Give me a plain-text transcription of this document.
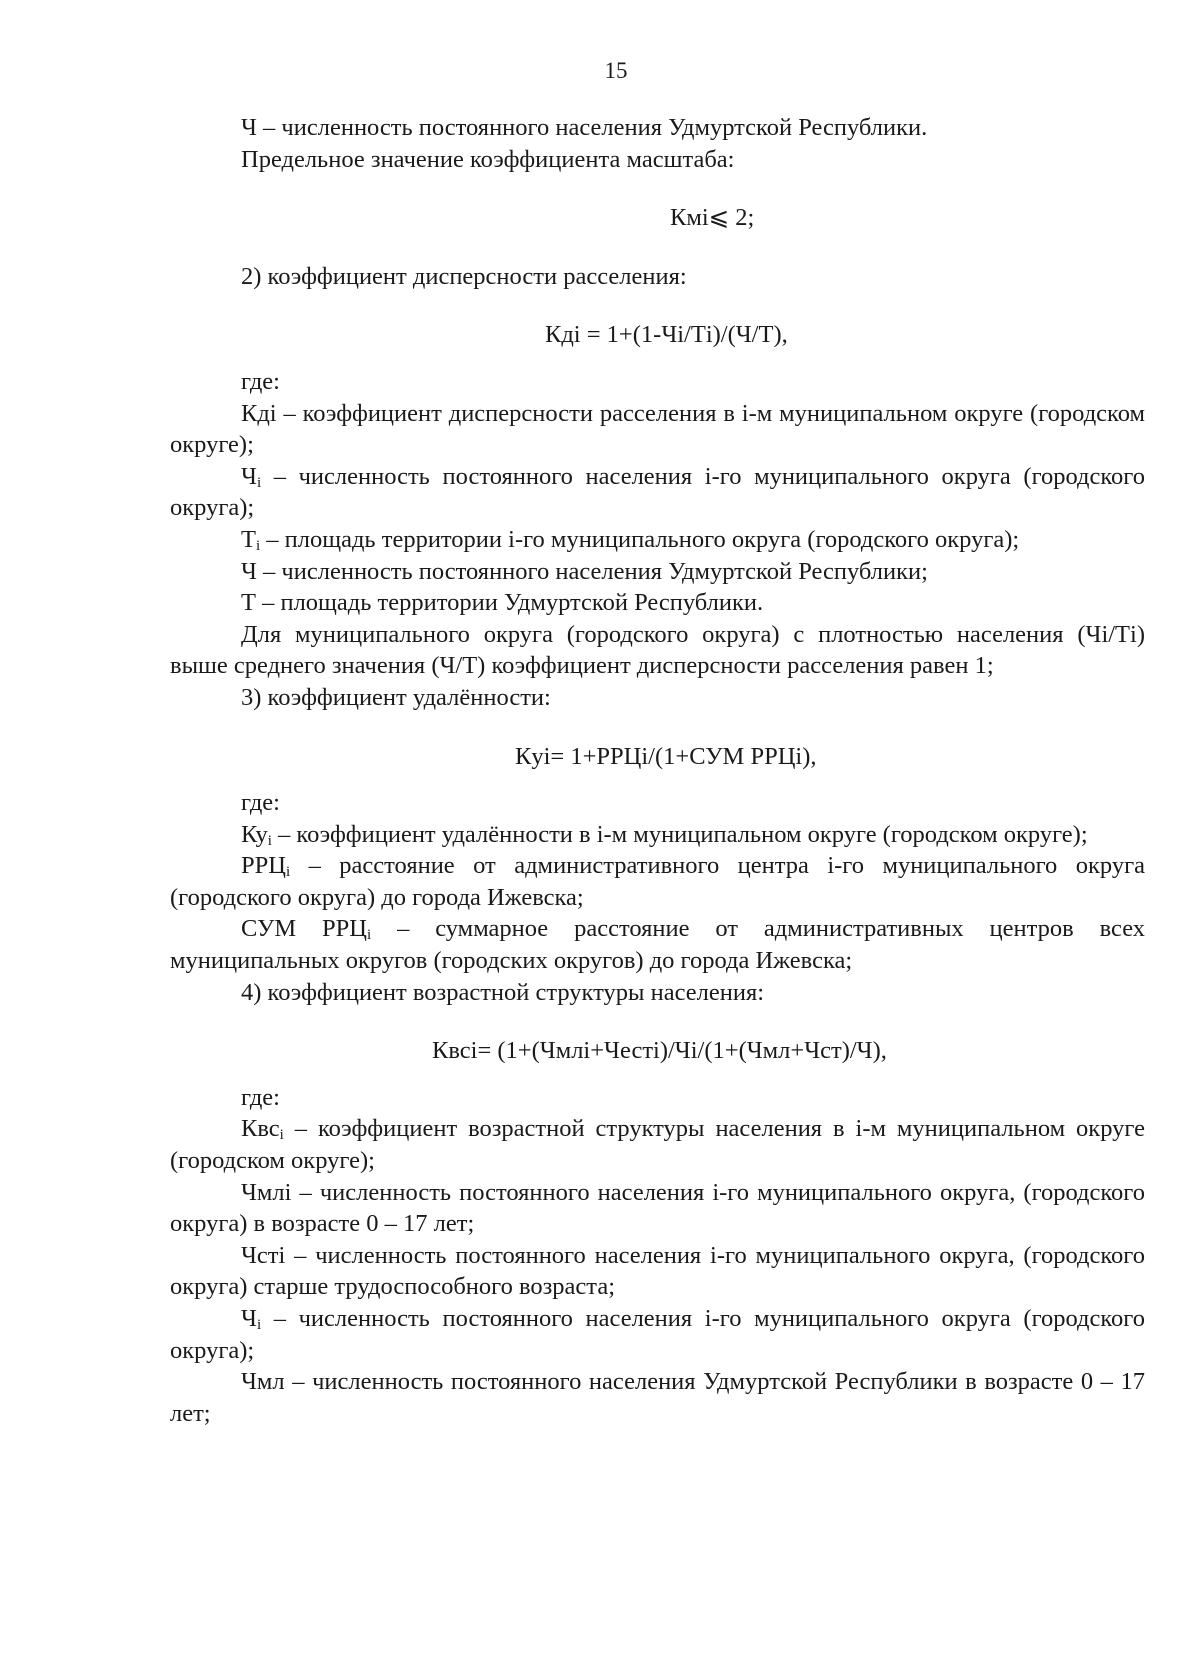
15

Ч – численность постоянного населения Удмуртской Республики.

Предельное значение коэффициента масштаба:

Кмі⩽ 2;

2) коэффициент дисперсности расселения:

Кді = 1+(1-Чі/Ті)/(Ч/Т),

где:

Кді – коэффициент дисперсности расселения в і-м муниципальном округе (городском округе);

$Ч_і$ – численность постоянного населения і-го муниципального округа (городского округа);

$Т_і$ – площадь территории і-го муниципального округа (городского округа);

Ч – численность постоянного населения Удмуртской Республики;

Т – площадь территории Удмуртской Республики.

Для муниципального округа (городского округа) с плотностью населения (Чі/Ті) выше среднего значения (Ч/Т) коэффициент дисперсности расселения равен 1;

3) коэффициент удалённости:

Кyі= 1+РРЦі/(1+СУМ РРЦі),

где:

$Ку_і$ – коэффициент удалённости в і-м муниципальном округе (городском округе);

$РРЦ_і$ – расстояние от административного центра і-го муниципального округа (городского округа) до города Ижевска;

СУМ $РРЦ_і$ – суммарное расстояние от административных центров всех муниципальных округов (городских округов) до города Ижевска;

4) коэффициент возрастной структуры населения:

Квсі= (1+(Чмлі+Честі)/Чі/(1+(Чмл+Чст)/Ч),

где:

Квс$_і$ – коэффициент возрастной структуры населения в і-м муниципальном округе (городском округе);

Чмлі – численность постоянного населения і-го муниципального округа, (городского округа) в возрасте 0 – 17 лет;

Чсті – численность постоянного населения і-го муниципального округа, (городского округа) старше трудоспособного возраста;

$Ч_і$ – численность постоянного населения і-го муниципального округа (городского округа);

Чмл – численность постоянного населения Удмуртской Республики в возрасте 0 – 17 лет;
